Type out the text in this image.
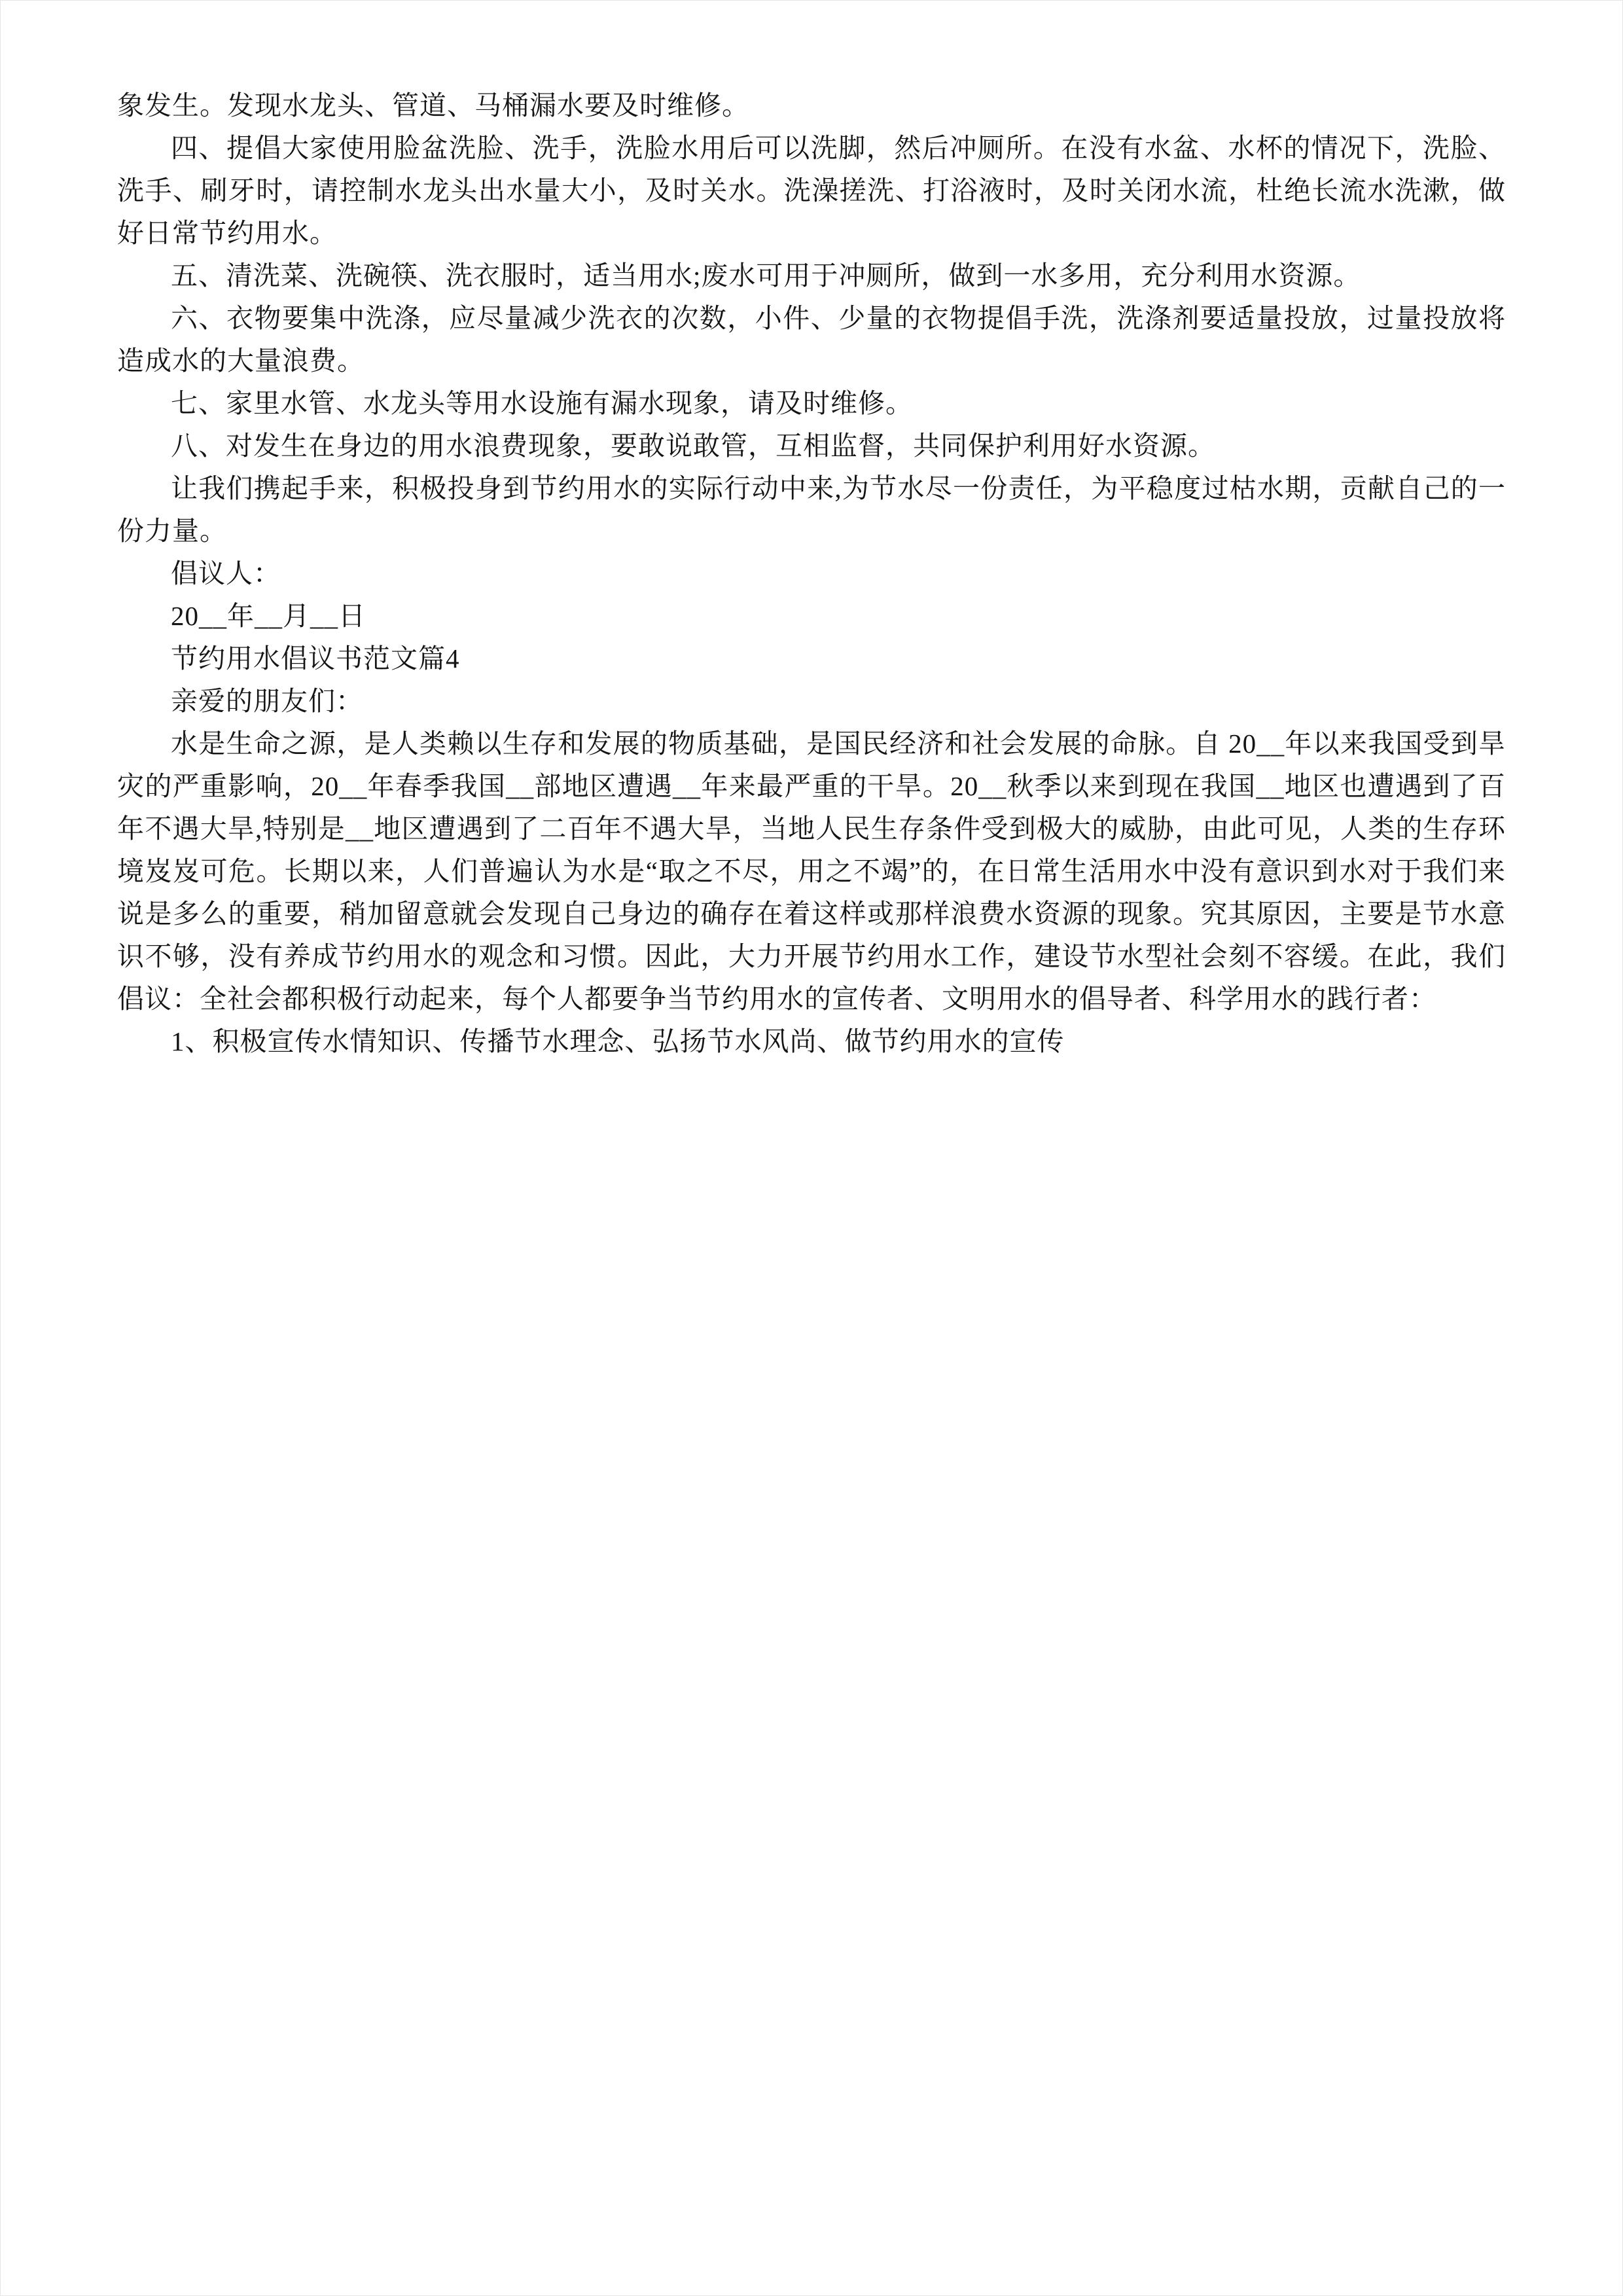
象发生。发现水龙头、管道、马桶漏水要及时维修。

四、提倡大家使用脸盆洗脸、洗手，洗脸水用后可以洗脚，然后冲厕所。在没有水盆、水杯的情况下，洗脸、洗手、刷牙时，请控制水龙头出水量大小，及时关水。洗澡搓洗、打浴液时，及时关闭水流，杜绝长流水洗漱，做好日常节约用水。

五、清洗菜、洗碗筷、洗衣服时，适当用水;废水可用于冲厕所，做到一水多用，充分利用水资源。

六、衣物要集中洗涤，应尽量减少洗衣的次数，小件、少量的衣物提倡手洗，洗涤剂要适量投放，过量投放将造成水的大量浪费。

七、家里水管、水龙头等用水设施有漏水现象，请及时维修。

八、对发生在身边的用水浪费现象，要敢说敢管，互相监督，共同保护利用好水资源。

让我们携起手来，积极投身到节约用水的实际行动中来,为节水尽一份责任，为平稳度过枯水期，贡献自己的一份力量。

倡议人：

20__年__月__日

节约用水倡议书范文篇4

亲爱的朋友们：

水是生命之源，是人类赖以生存和发展的物质基础，是国民经济和社会发展的命脉。自 20__年以来我国受到旱灾的严重影响，20__年春季我国__部地区遭遇__年来最严重的干旱。20__秋季以来到现在我国__地区也遭遇到了百年不遇大旱,特别是__地区遭遇到了二百年不遇大旱，当地人民生存条件受到极大的威胁，由此可见，人类的生存环境岌岌可危。长期以来，人们普遍认为水是“取之不尽，用之不竭”的，在日常生活用水中没有意识到水对于我们来说是多么的重要，稍加留意就会发现自己身边的确存在着这样或那样浪费水资源的现象。究其原因，主要是节水意识不够，没有养成节约用水的观念和习惯。因此，大力开展节约用水工作，建设节水型社会刻不容缓。在此，我们倡议：全社会都积极行动起来，每个人都要争当节约用水的宣传者、文明用水的倡导者、科学用水的践行者：

1、积极宣传水情知识、传播节水理念、弘扬节水风尚、做节约用水的宣传
